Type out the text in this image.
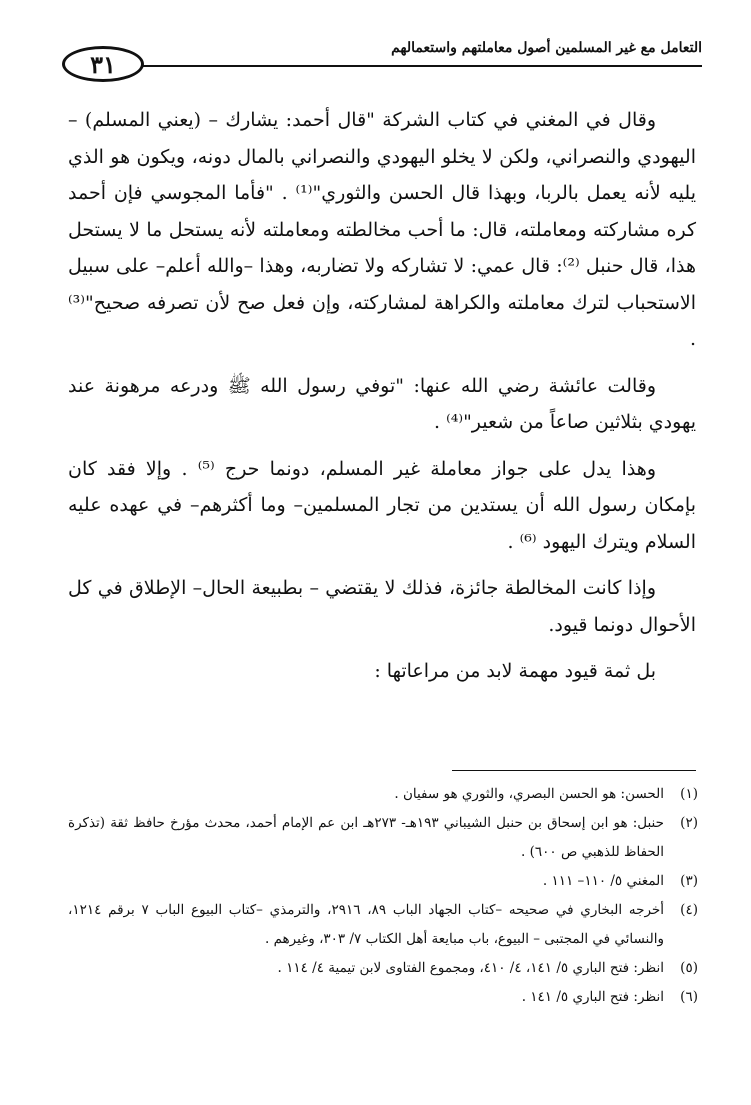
٣١
التعامل مع غير المسلمين أصول معاملتهم واستعمالهم

وقال في المغني في كتاب الشركة "قال أحمد: يشارك – (يعني المسلم) – اليهودي والنصراني، ولكن لا يخلو اليهودي والنصراني بالمال دونه، ويكون هو الذي يليه لأنه يعمل بالربا، وبهذا قال الحسن والثوري"⁽¹⁾ . "فأما المجوسي فإن أحمد كره مشاركته ومعاملته، قال: ما أحب مخالطته ومعاملته لأنه يستحل ما لا يستحل هذا، قال حنبل ⁽²⁾: قال عمي: لا تشاركه ولا تضاربه، وهذا –والله أعلم– على سبيل الاستحباب لترك معاملته والكراهة لمشاركته، وإن فعل صح لأن تصرفه صحيح"⁽³⁾ .

وقالت عائشة رضي الله عنها: "توفي رسول الله ﷺ ودرعه مرهونة عند يهودي بثلاثين صاعاً من شعير"⁽⁴⁾ .

وهذا يدل على جواز معاملة غير المسلم، دونما حرج ⁽⁵⁾ . وإلا فقد كان بإمكان رسول الله أن يستدين من تجار المسلمين– وما أكثرهم– في عهده عليه السلام ويترك اليهود ⁽⁶⁾ .

وإذا كانت المخالطة جائزة، فذلك لا يقتضي – بطبيعة الحال– الإطلاق في كل الأحوال دونما قيود.

بل ثمة قيود مهمة لابد من مراعاتها :

(١)
الحسن: هو الحسن البصري، والثوري هو سفيان .
(٢)
حنبل: هو ابن إسحاق بن حنبل الشيباني ١٩٣هـ- ٢٧٣هـ ابن عم الإمام أحمد، محدث مؤرخ حافظ ثقة (تذكرة الحفاظ للذهبي ص ٦٠٠) .
(٣)
المغني ٥/ ١١٠– ١١١ .
(٤)
أخرجه البخاري في صحيحه –كتاب الجهاد الباب ٨٩، ٢٩١٦، والترمذي –كتاب البيوع الباب ٧ برقم ١٢١٤، والنسائي في المجتبى – البيوع، باب مبايعة أهل الكتاب ٧/ ٣٠٣، وغيرهم .
(٥)
انظر: فتح الباري ٥/ ١٤١، ٤/ ٤١٠، ومجموع الفتاوى لابن تيمية ٤/ ١١٤ .
(٦)
انظر: فتح الباري ٥/ ١٤١ .
